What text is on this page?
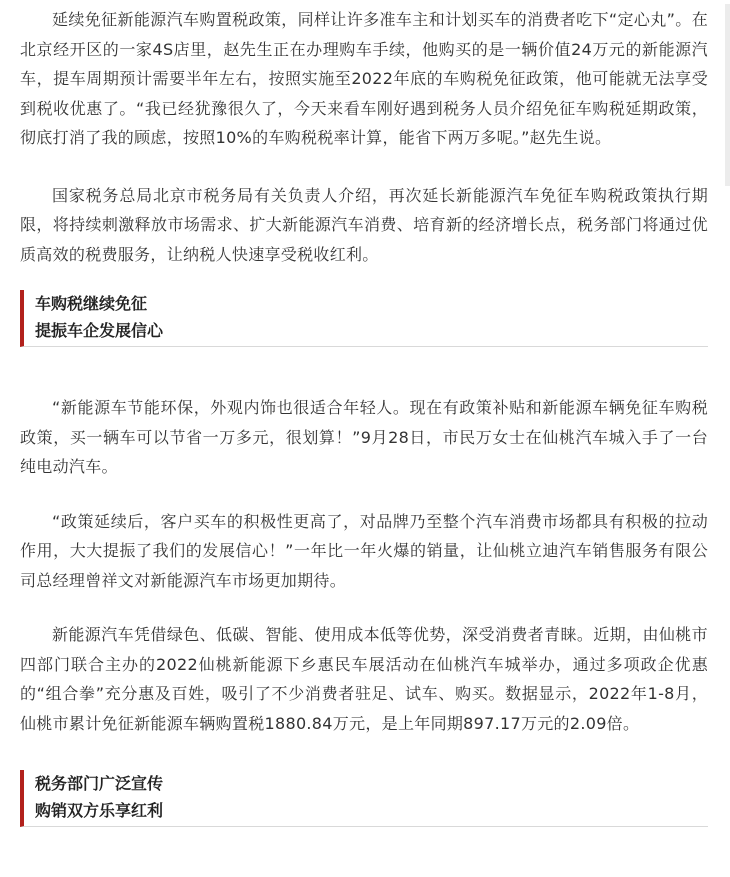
延续免征新能源汽车购置税政策，同样让许多准车主和计划买车的消费者吃下“定心丸”。在北京经开区的一家4S店里，赵先生正在办理购车手续，他购买的是一辆价值24万元的新能源汽车，提车周期预计需要半年左右，按照实施至2022年底的车购税免征政策，他可能就无法享受到税收优惠了。“我已经犹豫很久了，今天来看车刚好遇到税务人员介绍免征车购税延期政策，彻底打消了我的顾虑，按照10%的车购税税率计算，能省下两万多呢。”赵先生说。

国家税务总局北京市税务局有关负责人介绍，再次延长新能源汽车免征车购税政策执行期限，将持续刺激释放市场需求、扩大新能源汽车消费、培育新的经济增长点，税务部门将通过优质高效的税费服务，让纳税人快速享受税收红利。

车购税继续免征
提振车企发展信心

“新能源车节能环保，外观内饰也很适合年轻人。现在有政策补贴和新能源车辆免征车购税政策，买一辆车可以节省一万多元，很划算！”9月28日，市民万女士在仙桃汽车城入手了一台纯电动汽车。

“政策延续后，客户买车的积极性更高了，对品牌乃至整个汽车消费市场都具有积极的拉动作用，大大提振了我们的发展信心！”一年比一年火爆的销量，让仙桃立迪汽车销售服务有限公司总经理曾祥文对新能源汽车市场更加期待。

新能源汽车凭借绿色、低碳、智能、使用成本低等优势，深受消费者青睐。近期，由仙桃市四部门联合主办的2022仙桃新能源下乡惠民车展活动在仙桃汽车城举办，通过多项政企优惠的“组合拳”充分惠及百姓，吸引了不少消费者驻足、试车、购买。数据显示，2022年1-8月，仙桃市累计免征新能源车辆购置税1880.84万元，是上年同期897.17万元的2.09倍。

税务部门广泛宣传
购销双方乐享红利
